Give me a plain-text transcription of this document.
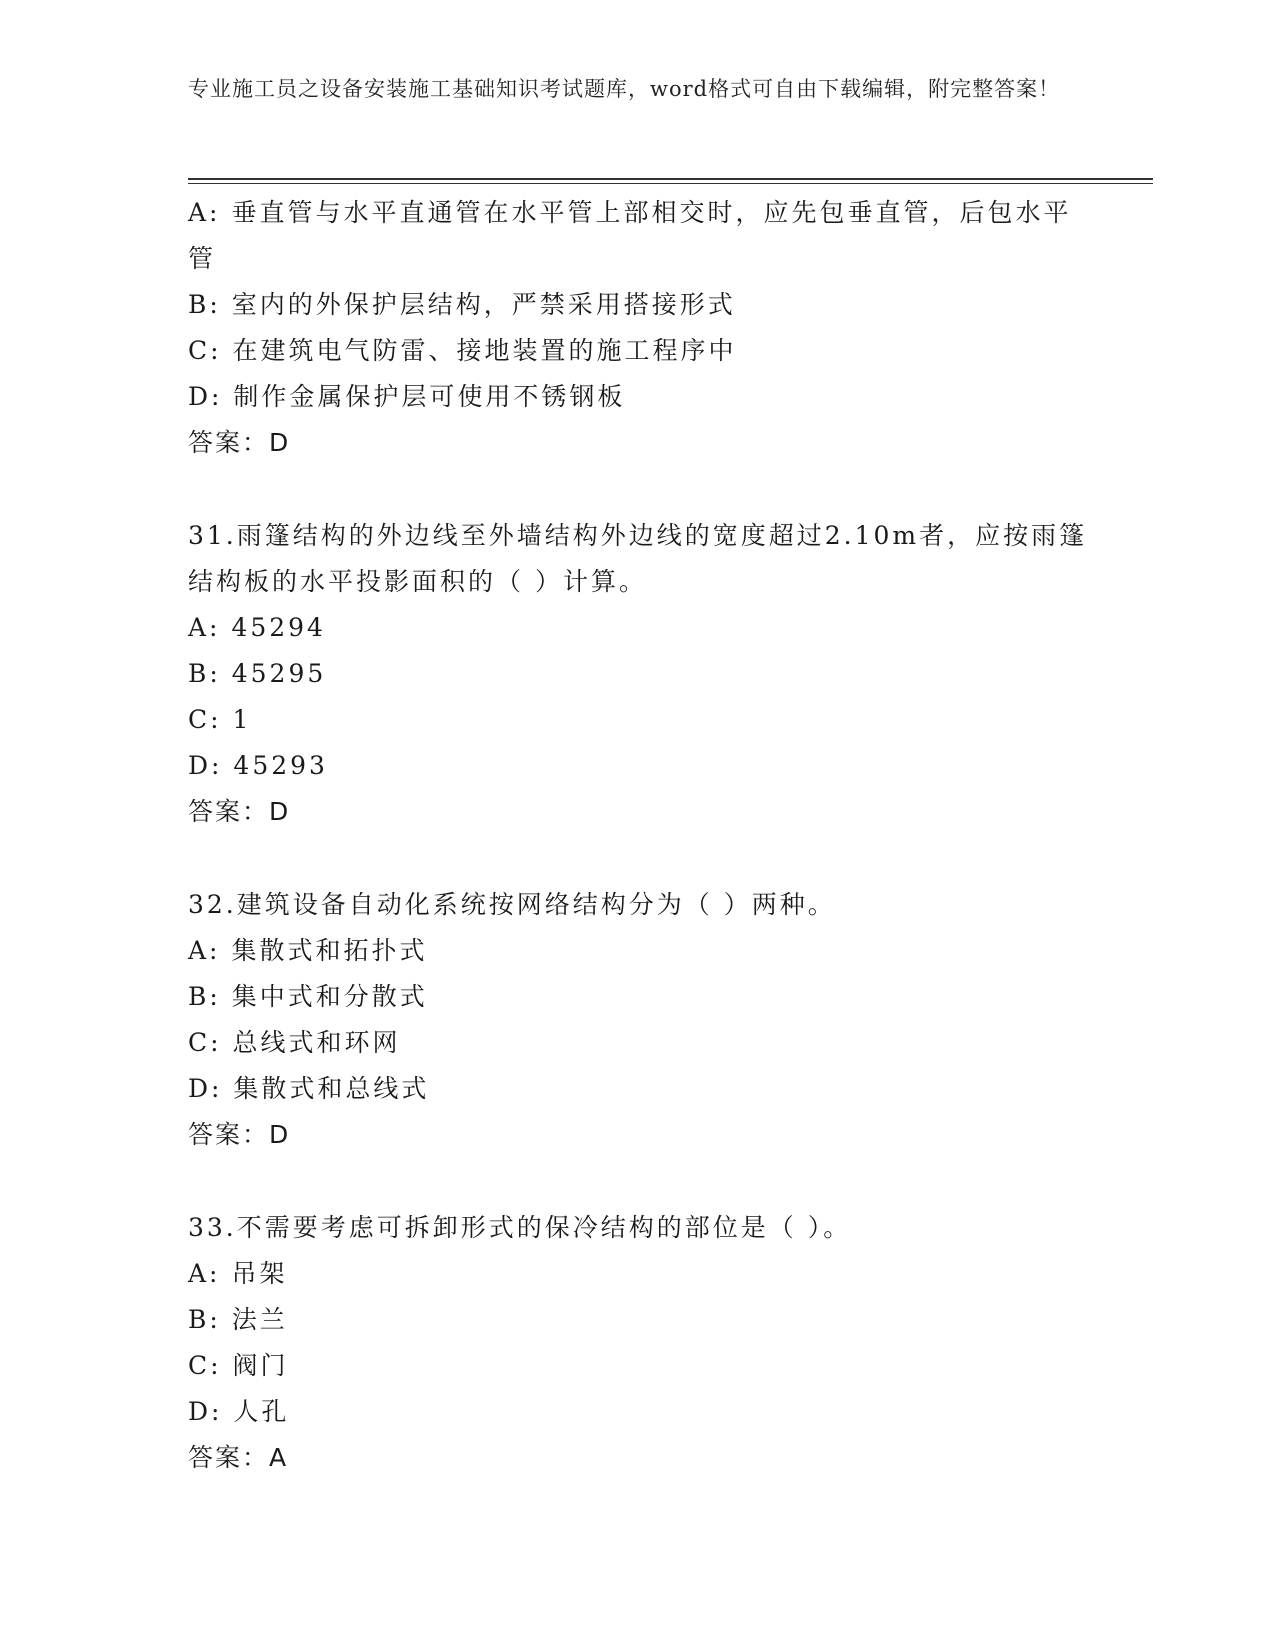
专业施工员之设备安装施工基础知识考试题库，word格式可自由下载编辑，附完整答案！
A: 垂直管与水平直通管在水平管上部相交时，应先包垂直管，后包水平管
B: 室内的外保护层结构，严禁采用搭接形式
C: 在建筑电气防雷、接地装置的施工程序中
D: 制作金属保护层可使用不锈钢板
答案：D
31.雨篷结构的外边线至外墙结构外边线的宽度超过2.10m者，应按雨篷结构板的水平投影面积的（ ）计算。
A: 45294
B: 45295
C: 1
D: 45293
答案：D
32.建筑设备自动化系统按网络结构分为（ ）两种。
A: 集散式和拓扑式
B: 集中式和分散式
C: 总线式和环网
D: 集散式和总线式
答案：D
33.不需要考虑可拆卸形式的保冷结构的部位是（ ）。
A: 吊架
B: 法兰
C: 阀门
D: 人孔
答案：A
